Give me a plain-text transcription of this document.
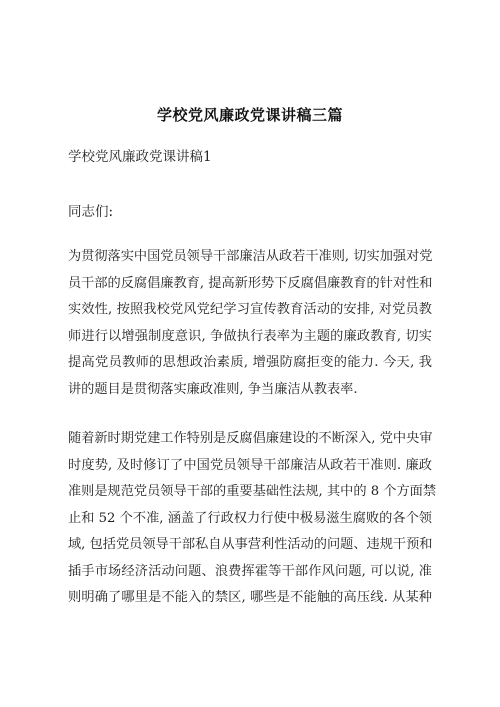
学校党风廉政党课讲稿三篇
学校党风廉政党课讲稿1
同志们:
为贯彻落实中国党员领导干部廉洁从政若干准则, 切实加强对党
员干部的反腐倡廉教育, 提高新形势下反腐倡廉教育的针对性和
实效性, 按照我校党风党纪学习宣传教育活动的安排, 对党员教
师进行以增强制度意识, 争做执行表率为主题的廉政教育, 切实
提高党员教师的思想政治素质, 增强防腐拒变的能力. 今天, 我
讲的题目是贯彻落实廉政准则, 争当廉洁从教表率.
随着新时期党建工作特别是反腐倡廉建设的不断深入, 党中央审
时度势, 及时修订了中国党员领导干部廉洁从政若干准则. 廉政
准则是规范党员领导干部的重要基础性法规, 其中的 8 个方面禁
止和 52 个不准, 涵盖了行政权力行使中极易滋生腐败的各个领
域, 包括党员领导干部私自从事营利性活动的问题、违规干预和
插手市场经济活动问题、浪费挥霍等干部作风问题, 可以说, 准
则明确了哪里是不能入的禁区, 哪些是不能触的高压线. 从某种
